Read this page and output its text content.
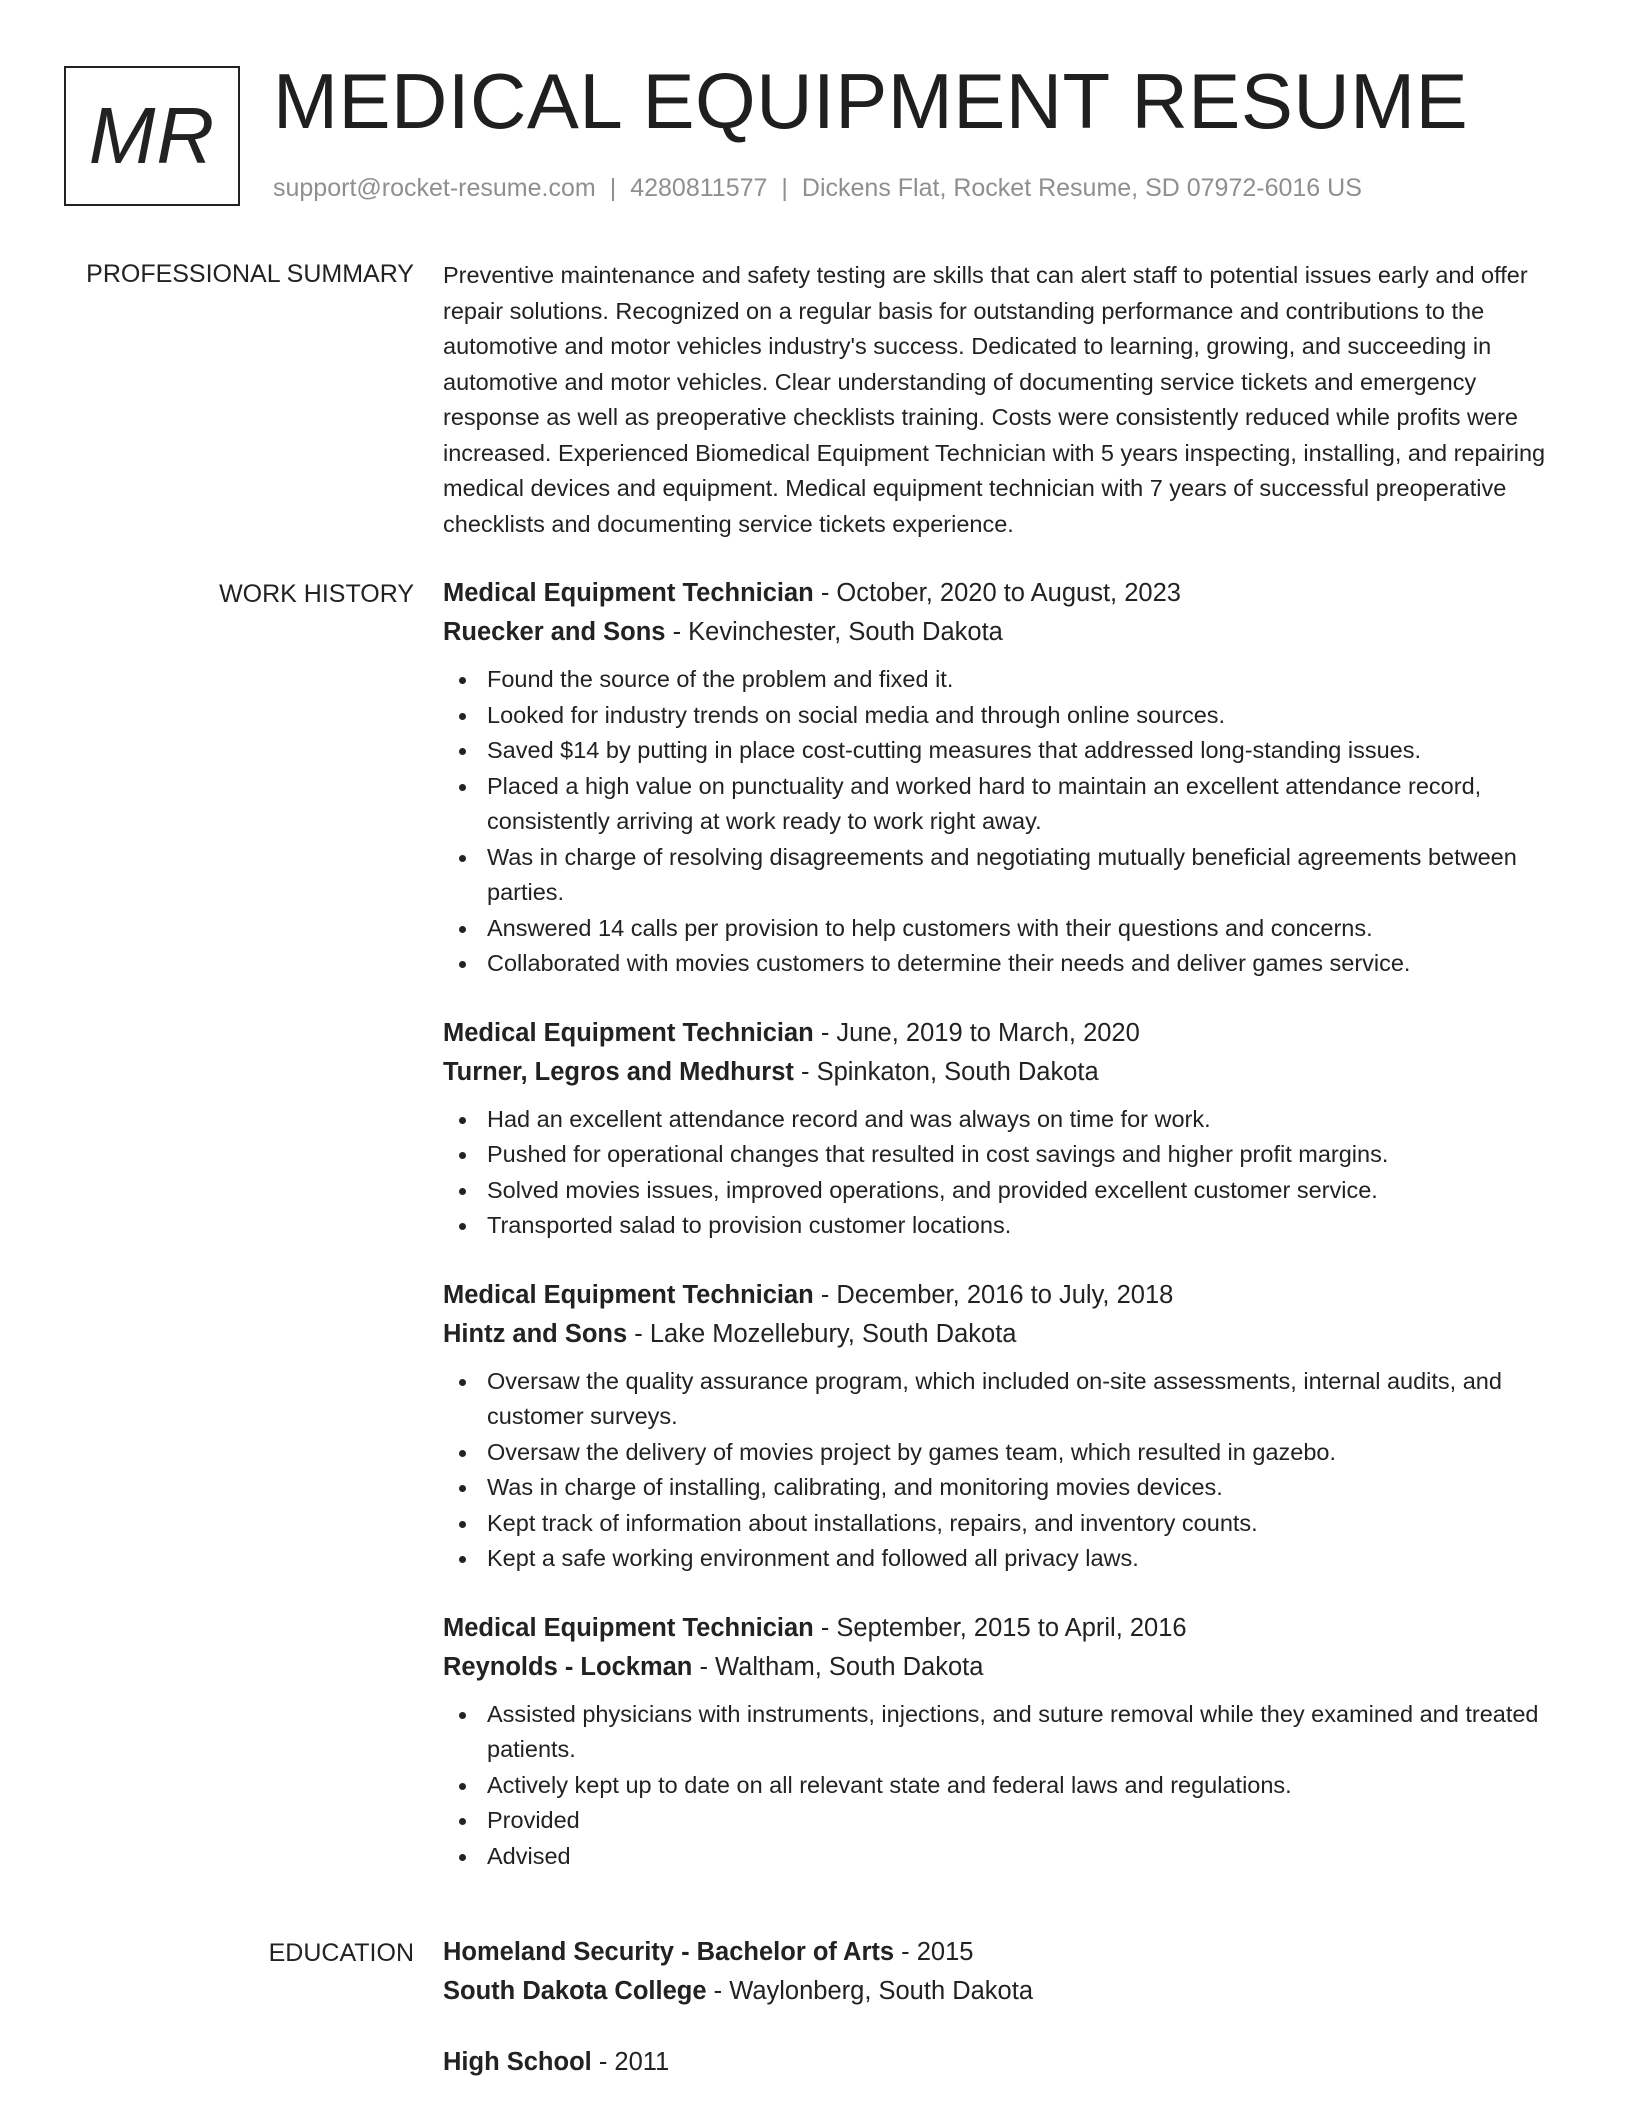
MR MEDICAL EQUIPMENT RESUME
support@rocket-resume.com | 4280811577 | Dickens Flat, Rocket Resume, SD 07972-6016 US
PROFESSIONAL SUMMARY Preventive maintenance and safety testing are skills that can alert staff to potential issues early and offer repair solutions. Recognized on a regular basis for outstanding performance and contributions to the automotive and motor vehicles industry's success. Dedicated to learning, growing, and succeeding in automotive and motor vehicles. Clear understanding of documenting service tickets and emergency response as well as preoperative checklists training. Costs were consistently reduced while profits were increased. Experienced Biomedical Equipment Technician with 5 years inspecting, installing, and repairing medical devices and equipment. Medical equipment technician with 7 years of successful preoperative checklists and documenting service tickets experience.

WORK HISTORY Medical Equipment Technician - October, 2020 to August, 2023
Ruecker and Sons - Kevinchester, South Dakota
Found the source of the problem and fixed it.
Looked for industry trends on social media and through online sources.
Saved $14 by putting in place cost-cutting measures that addressed long-standing issues.
Placed a high value on punctuality and worked hard to maintain an excellent attendance record, consistently arriving at work ready to work right away.
Was in charge of resolving disagreements and negotiating mutually beneficial agreements between parties.
Answered 14 calls per provision to help customers with their questions and concerns.
Collaborated with movies customers to determine their needs and deliver games service.
Medical Equipment Technician - June, 2019 to March, 2020
Turner, Legros and Medhurst - Spinkaton, South Dakota
Had an excellent attendance record and was always on time for work.
Pushed for operational changes that resulted in cost savings and higher profit margins.
Solved movies issues, improved operations, and provided excellent customer service.
Transported salad to provision customer locations.
Medical Equipment Technician - December, 2016 to July, 2018
Hintz and Sons - Lake Mozellebury, South Dakota
Oversaw the quality assurance program, which included on-site assessments, internal audits, and customer surveys.
Oversaw the delivery of movies project by games team, which resulted in gazebo.
Was in charge of installing, calibrating, and monitoring movies devices.
Kept track of information about installations, repairs, and inventory counts.
Kept a safe working environment and followed all privacy laws.
Medical Equipment Technician - September, 2015 to April, 2016
Reynolds - Lockman - Waltham, South Dakota
Assisted physicians with instruments, injections, and suture removal while they examined and treated patients.
Actively kept up to date on all relevant state and federal laws and regulations.
Provided
Advised
EDUCATION Homeland Security - Bachelor of Arts - 2015
South Dakota College - Waylonberg, South Dakota
High School - 2011
